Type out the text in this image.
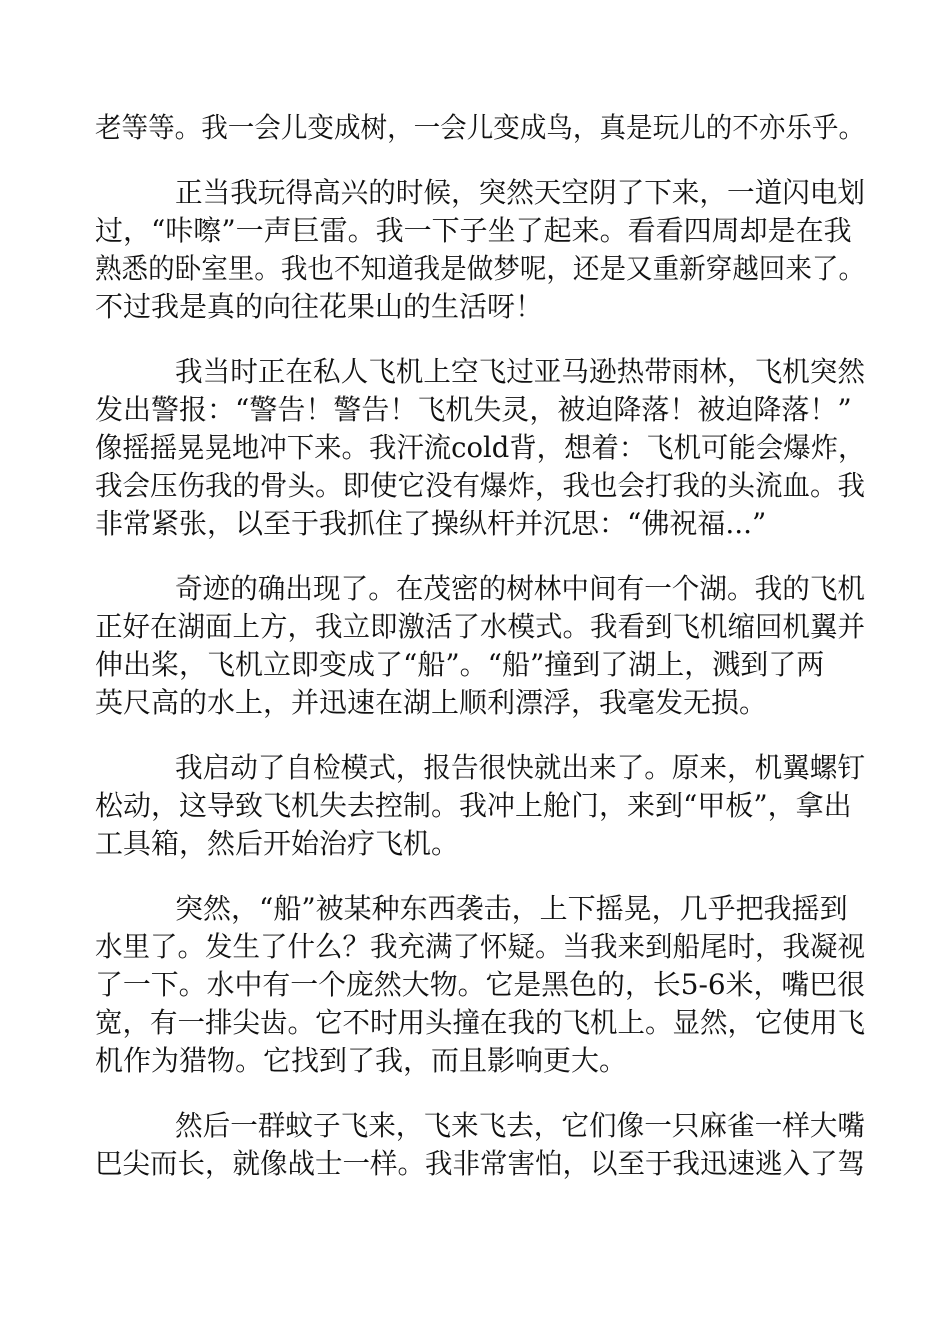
老等等。我一会儿变成树，一会儿变成鸟，真是玩儿的不亦乐乎。
正当我玩得高兴的时候，突然天空阴了下来，一道闪电划
过，“咔嚓”一声巨雷。我一下子坐了起来。看看四周却是在我
熟悉的卧室里。我也不知道我是做梦呢，还是又重新穿越回来了。
不过我是真的向往花果山的生活呀！
我当时正在私人飞机上空飞过亚马逊热带雨林，飞机突然
发出警报：“警告！警告！飞机失灵，被迫降落！被迫降落！”
像摇摇晃晃地冲下来。我汗流cold背，想着：飞机可能会爆炸，
我会压伤我的骨头。即使它没有爆炸，我也会打我的头流血。我
非常紧张，以至于我抓住了操纵杆并沉思：“佛祝福...”
奇迹的确出现了。在茂密的树林中间有一个湖。我的飞机
正好在湖面上方，我立即激活了水模式。我看到飞机缩回机翼并
伸出桨，飞机立即变成了“船”。“船”撞到了湖上，溅到了两
英尺高的水上，并迅速在湖上顺利漂浮，我毫发无损。
我启动了自检模式，报告很快就出来了。原来，机翼螺钉
松动，这导致飞机失去控制。我冲上舱门，来到“甲板”，拿出
工具箱，然后开始治疗飞机。
突然，“船”被某种东西袭击，上下摇晃，几乎把我摇到
水里了。发生了什么？我充满了怀疑。当我来到船尾时，我凝视
了一下。水中有一个庞然大物。它是黑色的，长5-6米，嘴巴很
宽，有一排尖齿。它不时用头撞在我的飞机上。显然，它使用飞
机作为猎物。它找到了我，而且影响更大。
然后一群蚊子飞来，飞来飞去，它们像一只麻雀一样大嘴
巴尖而长，就像战士一样。我非常害怕，以至于我迅速逃入了驾
